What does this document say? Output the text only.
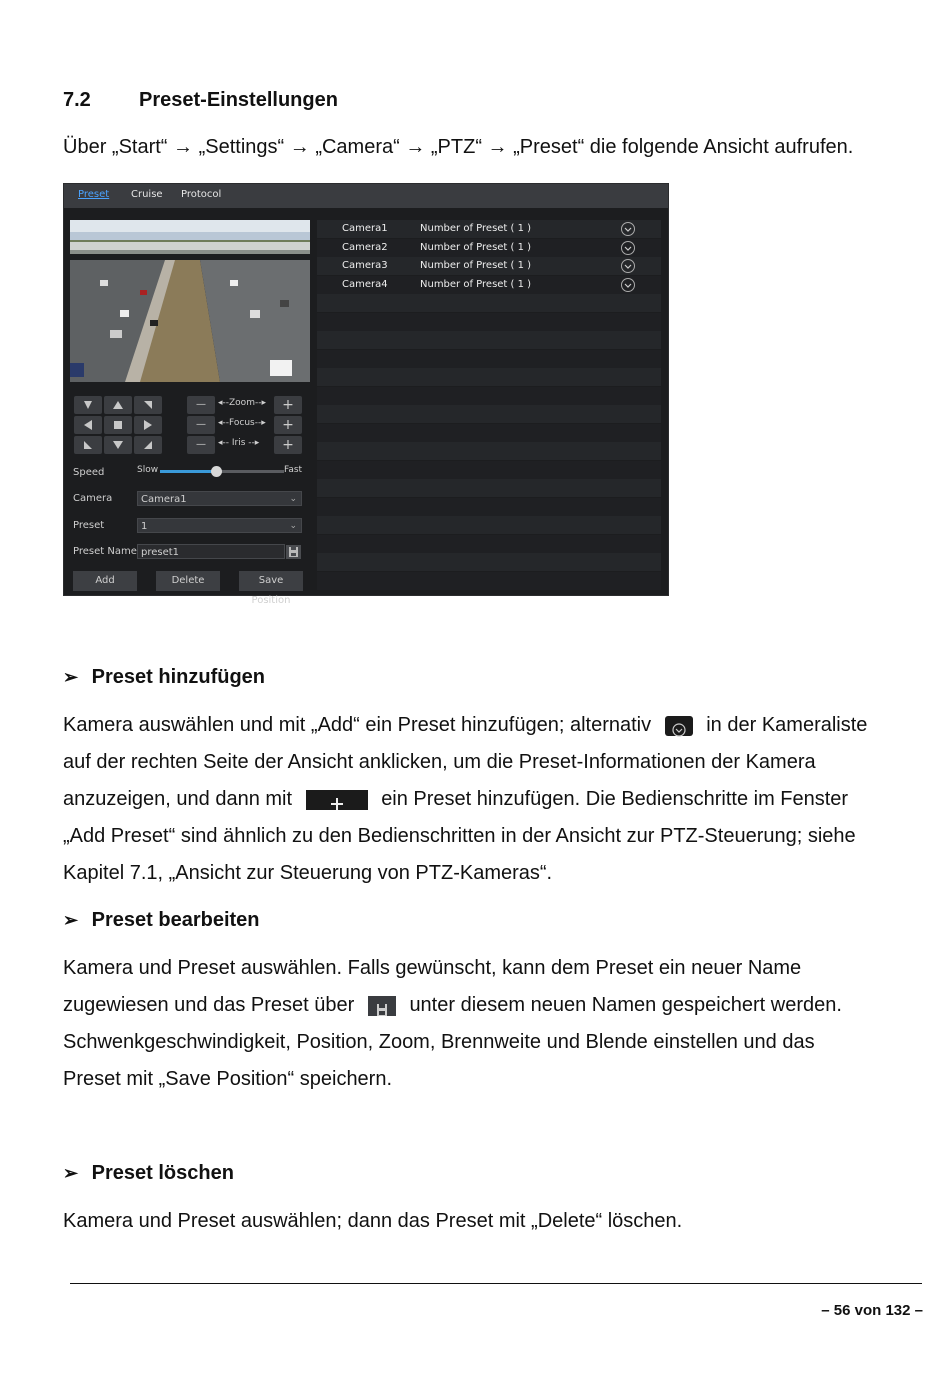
7.2 Preset-Einstellungen
Über „Start“ → „Settings“ → „Camera“ → „PTZ“ → „Preset“ die folgende Ansicht aufrufen.
Preset Cruise Protocol
—	◂--Zoom--▸	+
—	◂--Focus--▸	+
—	◂-- Iris --▸	+
Speed	Slow	Fast
Camera	Camera1	⌄
Preset	1	⌄
Preset Name preset1
Add	Delete	Save Position
Camera1	Number of Preset ( 1 )
Camera2	Number of Preset ( 1 )
Camera3	Number of Preset ( 1 )
Camera4	Number of Preset ( 1 )
➢ Preset hinzufügen

Kamera auswählen und mit „Add“ ein Preset hinzufügen; alternativ	in der Kameraliste

auf der rechten Seite der Ansicht anklicken, um die Preset-Informationen der Kamera

anzuzeigen, und dann mit	ein Preset hinzufügen. Die Bedienschritte im Fenster

„Add Preset“ sind ähnlich zu den Bedienschritten in der Ansicht zur PTZ-Steuerung; siehe

Kapitel 7.1, „Ansicht zur Steuerung von PTZ-Kameras“.

➢ Preset bearbeiten

Kamera und Preset auswählen. Falls gewünscht, kann dem Preset ein neuer Name

zugewiesen und das Preset über	unter diesem neuen Namen gespeichert werden.

Schwenkgeschwindigkeit, Position, Zoom, Brennweite und Blende einstellen und das

Preset mit „Save Position“ speichern.

➢ Preset löschen

Kamera und Preset auswählen; dann das Preset mit „Delete“ löschen.

– 56 von 132 –
